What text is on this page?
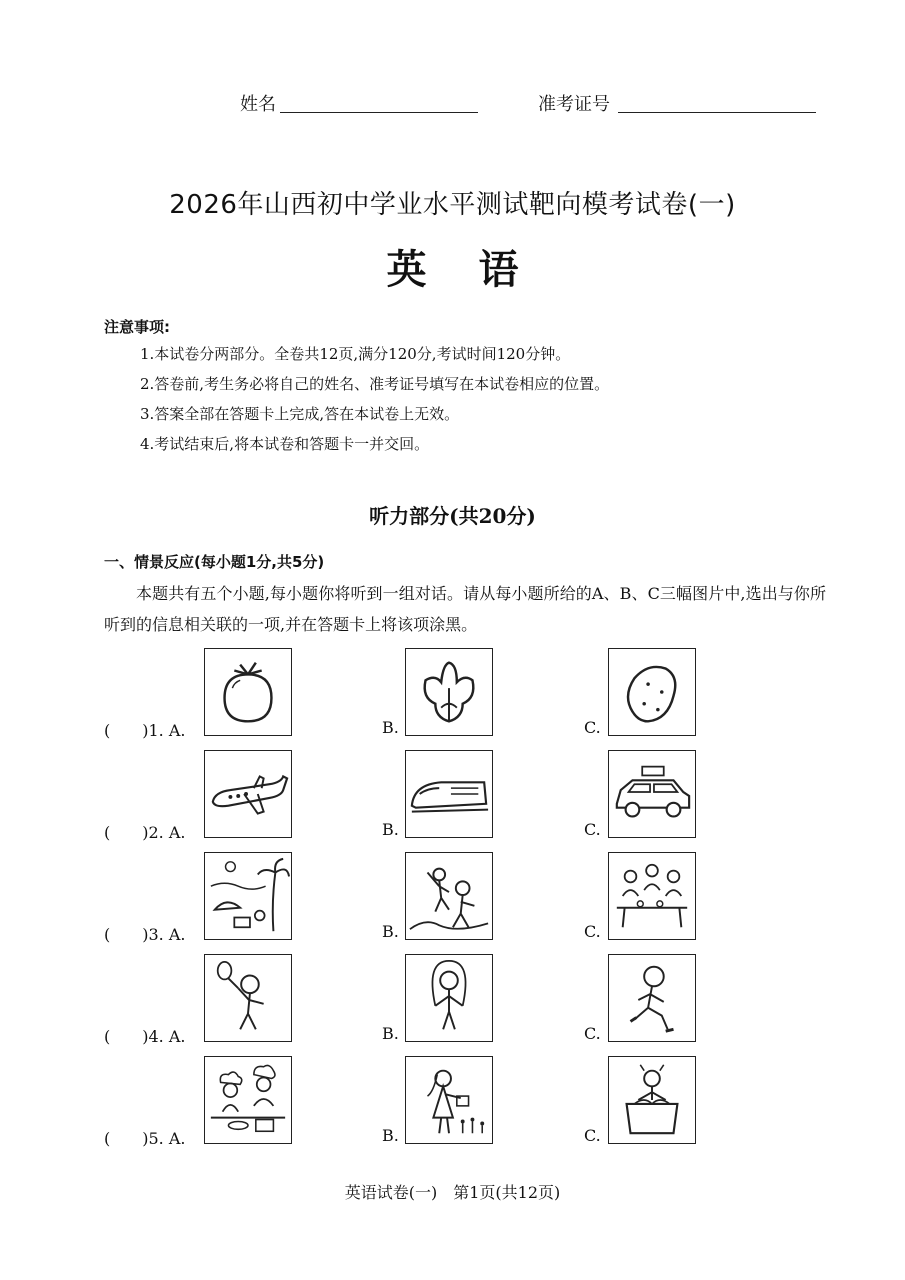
姓名	准考证号
2026年山西初中学业水平测试靶向模考试卷(一)
英 语
注意事项:
1.本试卷分两部分。全卷共12页,满分120分,考试时间120分钟。
2.答卷前,考生务必将自己的姓名、准考证号填写在本试卷相应的位置。
3.答案全部在答题卡上完成,答在本试卷上无效。
4.考试结束后,将本试卷和答题卡一并交回。
听力部分(共20分)
一、情景反应(每小题1分,共5分)

本题共有五个小题,每小题你将听到一组对话。请从每小题所给的A、B、C三幅图片中,选出与你所听到的信息相关联的一项,并在答题卡上将该项涂黑。

(　　)1. A.	B.	C.
(　　)2. A.	B.	C.
(　　)3. A.	B.	C.
(　　)4. A.	B.	C.
(　　)5. A.	B.	C.
英语试卷(一)　第1页(共12页)
